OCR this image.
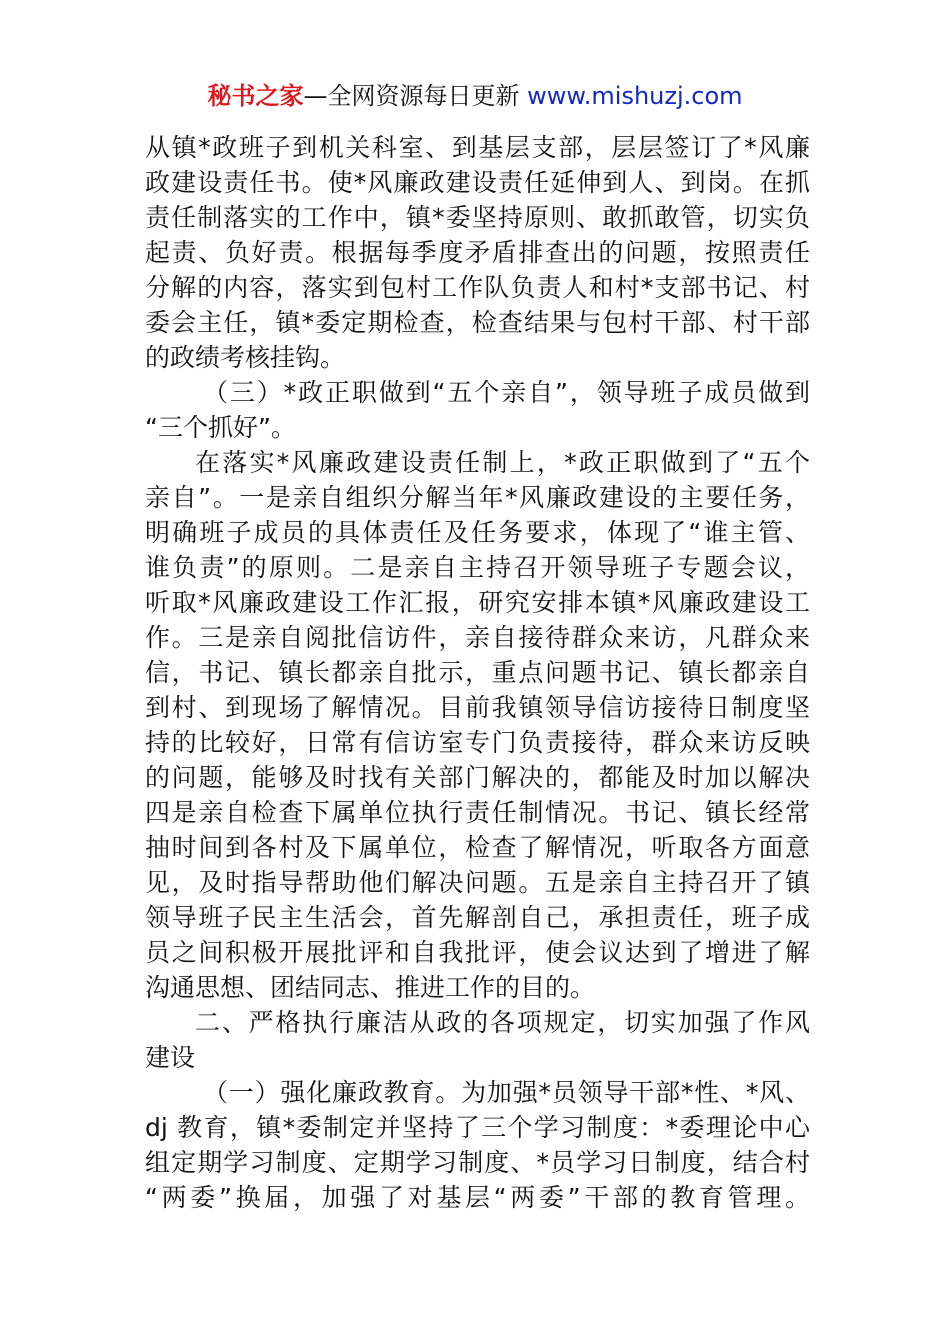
秘书之家—全网资源每日更新 www.mishuzj.com
从镇*政班子到机关科室、到基层支部，层层签订了*风廉
政建设责任书。使*风廉政建设责任延伸到人、到岗。在抓
责任制落实的工作中，镇*委坚持原则、敢抓敢管，切实负
起责、负好责。根据每季度矛盾排查出的问题，按照责任
分解的内容，落实到包村工作队负责人和村*支部书记、村
委会主任，镇*委定期检查，检查结果与包村干部、村干部
的政绩考核挂钩。
（三）*政正职做到“五个亲自”，领导班子成员做到
“三个抓好”。
在落实*风廉政建设责任制上，*政正职做到了“五个
亲自”。一是亲自组织分解当年*风廉政建设的主要任务，
明确班子成员的具体责任及任务要求，体现了“谁主管、
谁负责”的原则。二是亲自主持召开领导班子专题会议，
听取*风廉政建设工作汇报，研究安排本镇*风廉政建设工
作。三是亲自阅批信访件，亲自接待群众来访，凡群众来
信，书记、镇长都亲自批示，重点问题书记、镇长都亲自
到村、到现场了解情况。目前我镇领导信访接待日制度坚
持的比较好，日常有信访室专门负责接待，群众来访反映
的问题，能够及时找有关部门解决的，都能及时加以解决
四是亲自检查下属单位执行责任制情况。书记、镇长经常
抽时间到各村及下属单位，检查了解情况，听取各方面意
见，及时指导帮助他们解决问题。五是亲自主持召开了镇
领导班子民主生活会，首先解剖自己，承担责任，班子成
员之间积极开展批评和自我批评，使会议达到了增进了解
沟通思想、团结同志、推进工作的目的。
二、严格执行廉洁从政的各项规定，切实加强了作风
建设
（一）强化廉政教育。为加强*员领导干部*性、*风、
dj 教育，镇*委制定并坚持了三个学习制度：*委理论中心
组定期学习制度、定期学习制度、*员学习日制度，结合村
“两委”换届，加强了对基层“两委”干部的教育管理。
